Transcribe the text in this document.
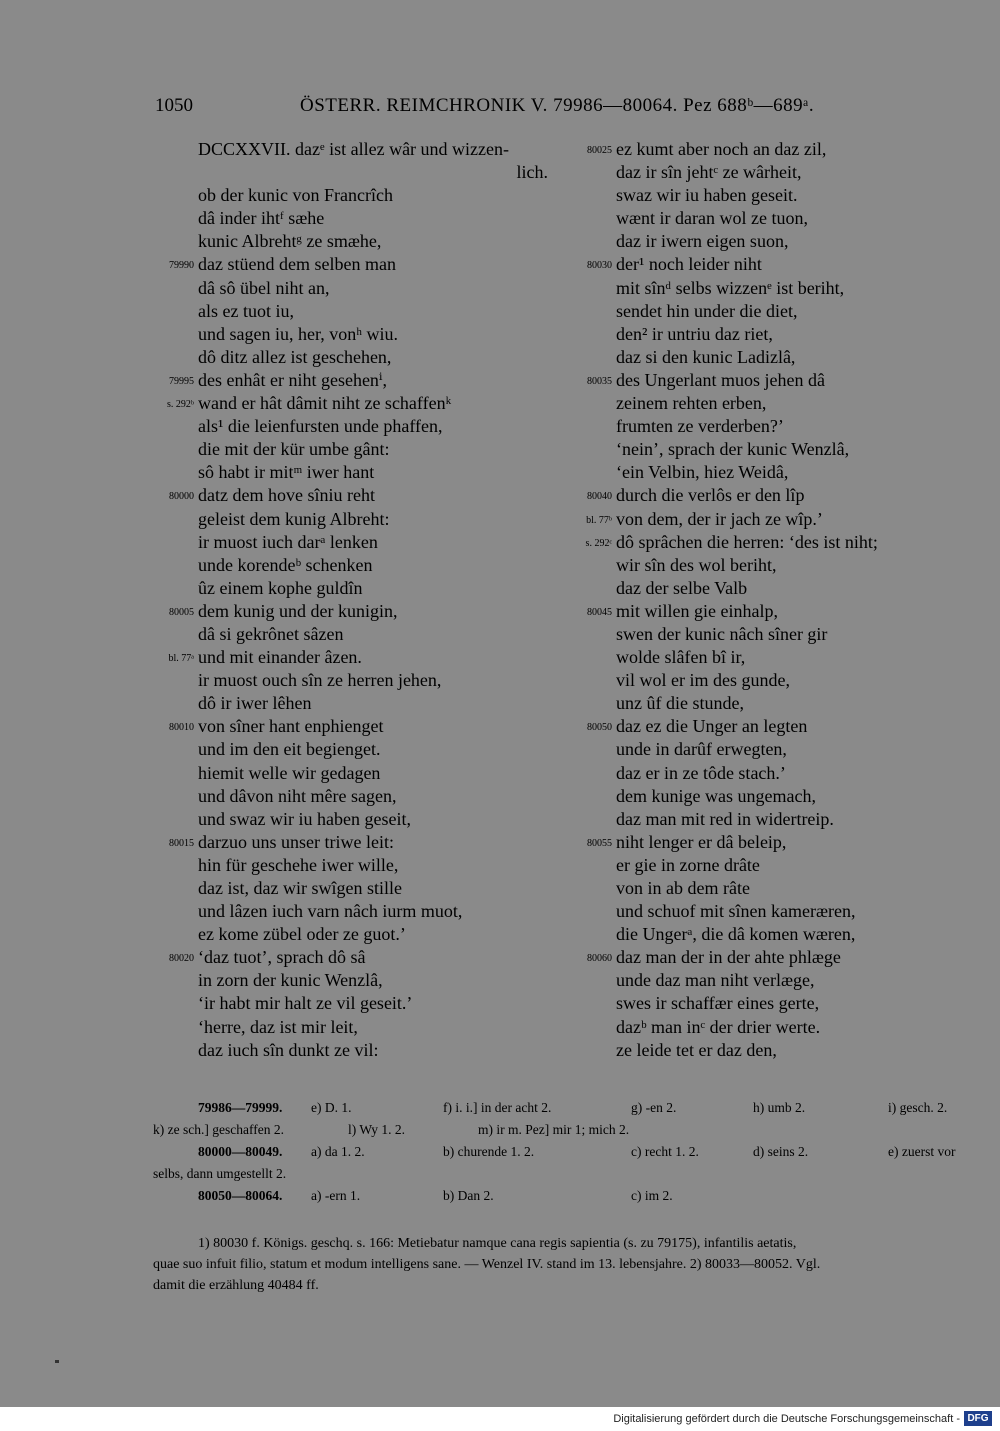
1050	ÖSTERR. REIMCHRONIK V. 79986—80064. Pez 688ᵇ—689ᵃ.
DCCXXVII. dazᵉ ist allez wâr und wizzen-
lich.
ob der kunic von Francrîch
dâ inder ihtᶠ sæhe
kunic Albrehtᵍ ze smæhe,
79990 daz stüend dem selben man
dâ sô übel niht an,
als ez tuot iu,
und sagen iu, her, vonʰ wiu.
dô ditz allez ist geschehen,
79995 des enhât er niht gesehenⁱ,
s. 292ᵇ wand er hât dâmit niht ze schaffenᵏ
als¹ die leienfursten unde phaffen,
die mit der kür umbe gânt:
sô habt ir mitᵐ iwer hant
80000 datz dem hove sîniu reht
geleist dem kunig Albreht:
ir muost iuch darᵃ lenken
unde korendeᵇ schenken
ûz einem kophe guldîn
80005 dem kunig und der kunigin,
dâ si gekrônet sâzen
bl. 77ᵃ und mit einander âzen.
ir muost ouch sîn ze herren jehen,
dô ir iwer lêhen
80010 von sîner hant enphienget
und im den eit begienget.
hiemit welle wir gedagen
und dâvon niht mêre sagen,
und swaz wir iu haben geseit,
80015 darzuo uns unser triwe leit:
hin für geschehe iwer wille,
daz ist, daz wir swîgen stille
und lâzen iuch varn nâch iurm muot,
ez kome zübel oder ze guot.’
80020 ‘daz tuot’, sprach dô sâ
in zorn der kunic Wenzlâ,
‘ir habt mir halt ze vil geseit.’
‘herre, daz ist mir leit,
daz iuch sîn dunkt ze vil:
80025 ez kumt aber noch an daz zil,
daz ir sîn jehtᶜ ze wârheit,
swaz wir iu haben geseit.
wænt ir daran wol ze tuon,
daz ir iwern eigen suon,
80030 der¹ noch leider niht
mit sînᵈ selbs wizzenᵉ ist beriht,
sendet hin under die diet,
den² ir untriu daz riet,
daz si den kunic Ladizlâ,
80035 des Ungerlant muos jehen dâ
zeinem rehten erben,
frumten ze verderben?’
‘nein’, sprach der kunic Wenzlâ,
‘ein Velbin, hiez Weidâ,
80040 durch die verlôs er den lîp
bl. 77ᵇ von dem, der ir jach ze wîp.’
s. 292ᶜ dô sprâchen die herren: ‘des ist niht;
wir sîn des wol beriht,
daz der selbe Valb
80045 mit willen gie einhalp,
swen der kunic nâch sîner gir
wolde slâfen bî ir,
vil wol er im des gunde,
unz ûf die stunde,
80050 daz ez die Unger an legten
unde in darûf erwegten,
daz er in ze tôde stach.’
dem kunige was ungemach,
daz man mit red in widertreip.
80055 niht lenger er dâ beleip,
er gie in zorne drâte
von in ab dem râte
und schuof mit sînen kameræren,
die Ungerᵃ, die dâ komen wæren,
80060 daz man der in der ahte phlæge
unde daz man niht verlæge,
swes ir schaffær eines gerte,
dazᵇ man inᶜ der drier werte.
ze leide tet er daz den,
79986—79999. e) D. 1.	f) i. i.] in der acht 2.	g) -en 2.	h) umb 2.	i) gesch. 2.
k) ze sch.] geschaffen 2.	l) Wy 1. 2.	m) ir m. Pez] mir 1; mich 2.
80000—80049. a) da 1. 2.	b) churende 1. 2.	c) recht 1. 2.	d) seins 2.	e) zuerst vor
selbs, dann umgestellt 2.
80050—80064. a) -ern 1.	b) Dan 2.	c) im 2.
1) 80030 f. Königs. geschq. s. 166: Metiebatur namque cana regis sapientia (s. zu 79175), infantilis aetatis,
quae suo infuit filio, statum et modum intelligens sane. — Wenzel IV. stand im 13. lebensjahre. 2) 80033—80052. Vgl.
damit die erzählung 40484 ff.
Digitalisierung gefördert durch die Deutsche Forschungsgemeinschaft - DFG
